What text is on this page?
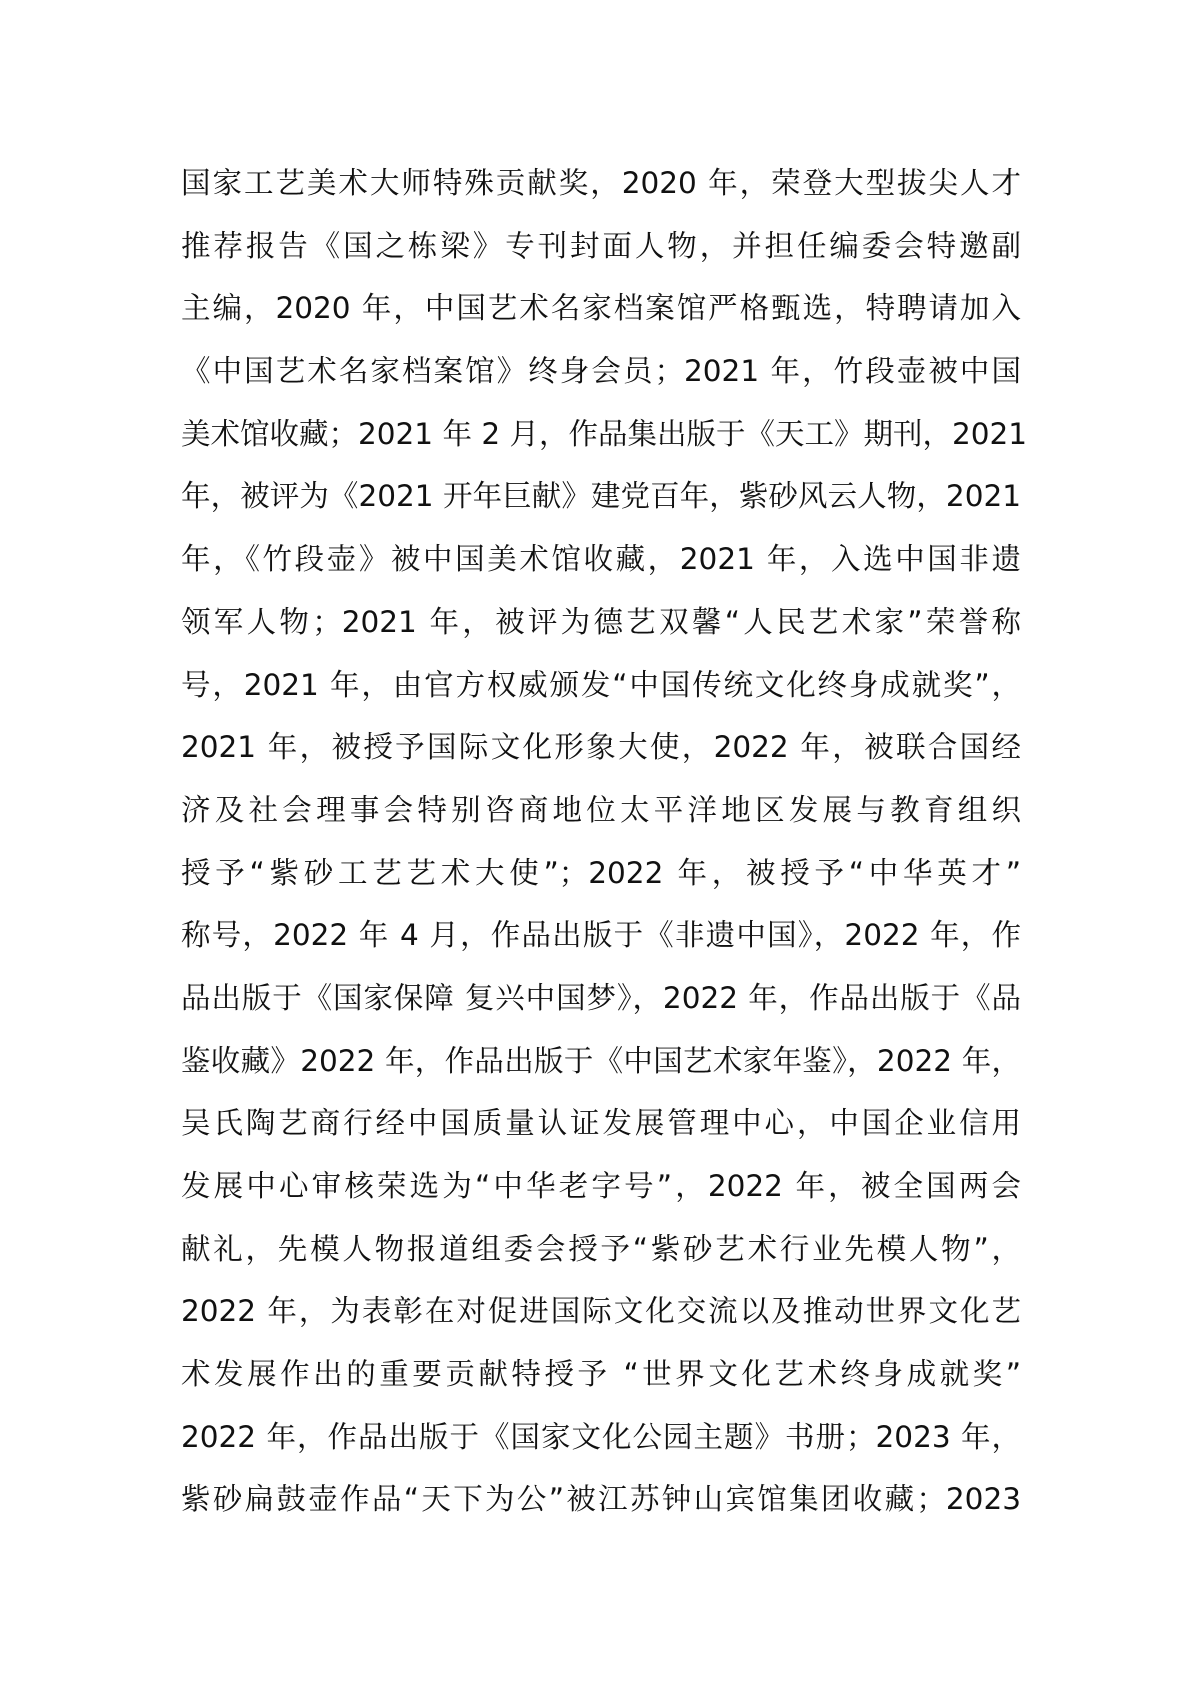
国家工艺美术大师特殊贡献奖，2020 年，荣登大型拔尖人才
推荐报告《国之栋梁》专刊封面人物，并担任编委会特邀副
主编，2020 年，中国艺术名家档案馆严格甄选，特聘请加入
《中国艺术名家档案馆》终身会员；2021 年，竹段壶被中国
美术馆收藏；2021 年 2 月，作品集出版于《天工》期刊，2021
年，被评为《2021 开年巨献》建党百年，紫砂风云人物，2021
年，《竹段壶》被中国美术馆收藏，2021 年，入选中国非遗
领军人物；2021 年，被评为德艺双馨“人民艺术家”荣誉称
号，2021 年，由官方权威颁发“中国传统文化终身成就奖”，
2021 年，被授予国际文化形象大使，2022 年，被联合国经
济及社会理事会特别咨商地位太平洋地区发展与教育组织
授予“紫砂工艺艺术大使”；2022 年，被授予“中华英才”
称号，2022 年 4 月，作品出版于《非遗中国》，2022 年，作
品出版于《国家保障 复兴中国梦》，2022 年，作品出版于《品
鉴收藏》2022 年，作品出版于《中国艺术家年鉴》，2022 年，
吴氏陶艺商行经中国质量认证发展管理中心，中国企业信用
发展中心审核荣选为“中华老字号”，2022 年，被全国两会
献礼，先模人物报道组委会授予“紫砂艺术行业先模人物”，
2022 年，为表彰在对促进国际文化交流以及推动世界文化艺
术发展作出的重要贡献特授予 “世界文化艺术终身成就奖”
2022 年，作品出版于《国家文化公园主题》书册；2023 年，
紫砂扁鼓壶作品“天下为公”被江苏钟山宾馆集团收藏；2023
